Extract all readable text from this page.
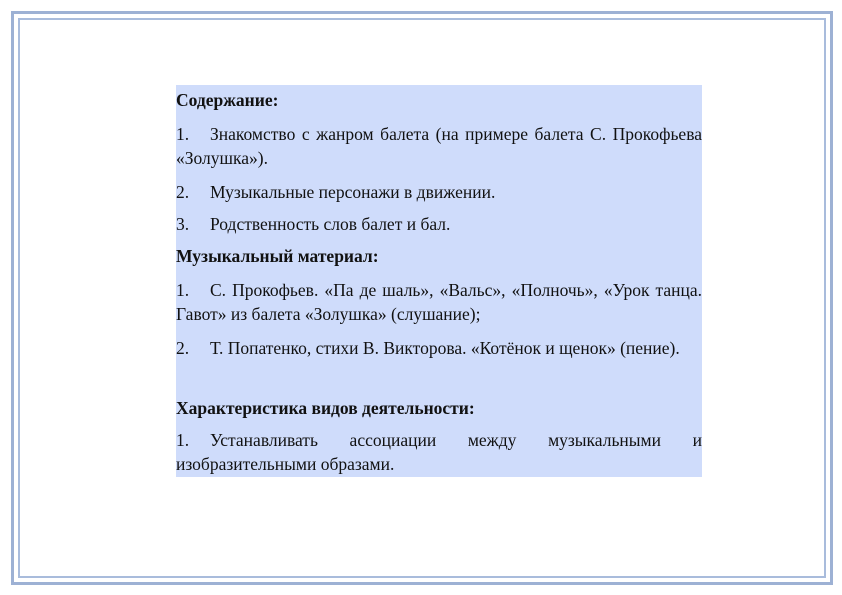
Содержание:

1. Знакомство с жанром балета (на примере балета С. Прокофьева «Золушка»).

2. Музыкальные персонажи в движении.

3. Родственность слов балет и бал.

Музыкальный материал:

1. С. Прокофьев. «Па де шаль», «Вальс», «Полночь», «Урок танца. Гавот» из балета «Золушка» (слушание);

2. Т. Попатенко, стихи В. Викторова. «Котёнок и щенок» (пение).

Характеристика видов деятельности:

1. Устанавливать ассоциации между музыкальными и изобразительными образами.
